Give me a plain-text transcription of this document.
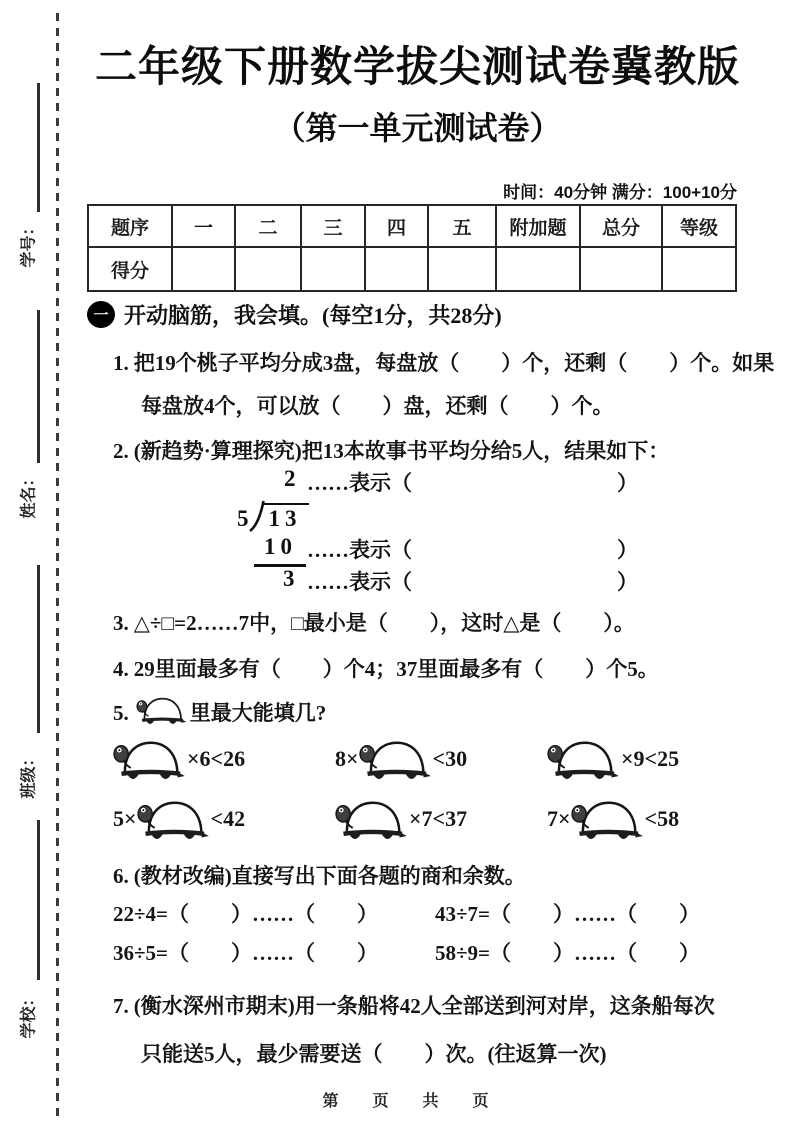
学号：
姓名：
班级：
学校：
二年级下册数学拔尖测试卷冀教版
（第一单元测试卷）
时间：40分钟 满分：100+10分
题序	一	二	三	四	五	附加题	总分	等级
得分								
一 开动脑筋，我会填。(每空1分，共28分)
1. 把19个桃子平均分成3盘，每盘放（　　）个，还剩（　　）个。如果
每盘放4个，可以放（　　）盘，还剩（　　）个。
2. (新趋势·算理探究)把13本故事书平均分给5人，结果如下：
2 ……表示（	）
5 13
10 ……表示（	）
3 ……表示（	）
3. △÷□=2……7中，□最小是（　　），这时△是（　　）。
4. 29里面最多有（　　）个4；37里面最多有（　　）个5。
5.	里最大能填几?
×6<26	8×	<30	×9<25
5×	<42	×7<37	7×	<58
6. (教材改编)直接写出下面各题的商和余数。
22÷4=（　　）……（　　）	43÷7=（　　）……（　　）
36÷5=（　　）……（　　）	58÷9=（　　）……（　　）
7. (衡水深州市期末)用一条船将42人全部送到河对岸，这条船每次
只能送5人，最少需要送（　　）次。(往返算一次)
第　页　共　页
